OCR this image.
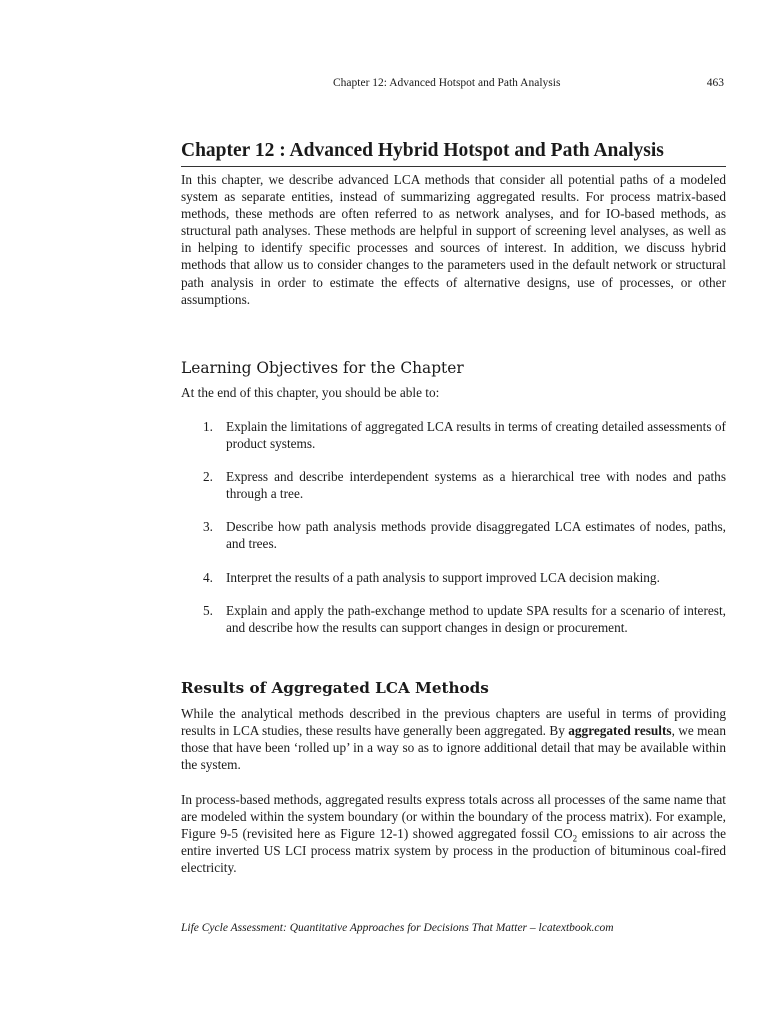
Chapter 12: Advanced Hotspot and Path Analysis	463
Chapter 12 : Advanced Hybrid Hotspot and Path Analysis

In this chapter, we describe advanced LCA methods that consider all potential paths of a modeled system as separate entities, instead of summarizing aggregated results. For process matrix-based methods, these methods are often referred to as network analyses, and for IO-based methods, as structural path analyses. These methods are helpful in support of screening level analyses, as well as in helping to identify specific processes and sources of interest. In addition, we discuss hybrid methods that allow us to consider changes to the parameters used in the default network or structural path analysis in order to estimate the effects of alternative designs, use of processes, or other assumptions.

Learning Objectives for the Chapter

At the end of this chapter, you should be able to:

1. Explain the limitations of aggregated LCA results in terms of creating detailed assessments of product systems.
2. Express and describe interdependent systems as a hierarchical tree with nodes and paths through a tree.
3. Describe how path analysis methods provide disaggregated LCA estimates of nodes, paths, and trees.
4. Interpret the results of a path analysis to support improved LCA decision making.
5. Explain and apply the path-exchange method to update SPA results for a scenario of interest, and describe how the results can support changes in design or procurement.
Results of Aggregated LCA Methods

While the analytical methods described in the previous chapters are useful in terms of providing results in LCA studies, these results have generally been aggregated. By aggregated results, we mean those that have been ‘rolled up’ in a way so as to ignore additional detail that may be available within the system.

In process-based methods, aggregated results express totals across all processes of the same name that are modeled within the system boundary (or within the boundary of the process matrix). For example, Figure 9-5 (revisited here as Figure 12-1) showed aggregated fossil $CO_2$ emissions to air across the entire inverted US LCI process matrix system by process in the production of bituminous coal-fired electricity.

Life Cycle Assessment: Quantitative Approaches for Decisions That Matter – lcatextbook.com
